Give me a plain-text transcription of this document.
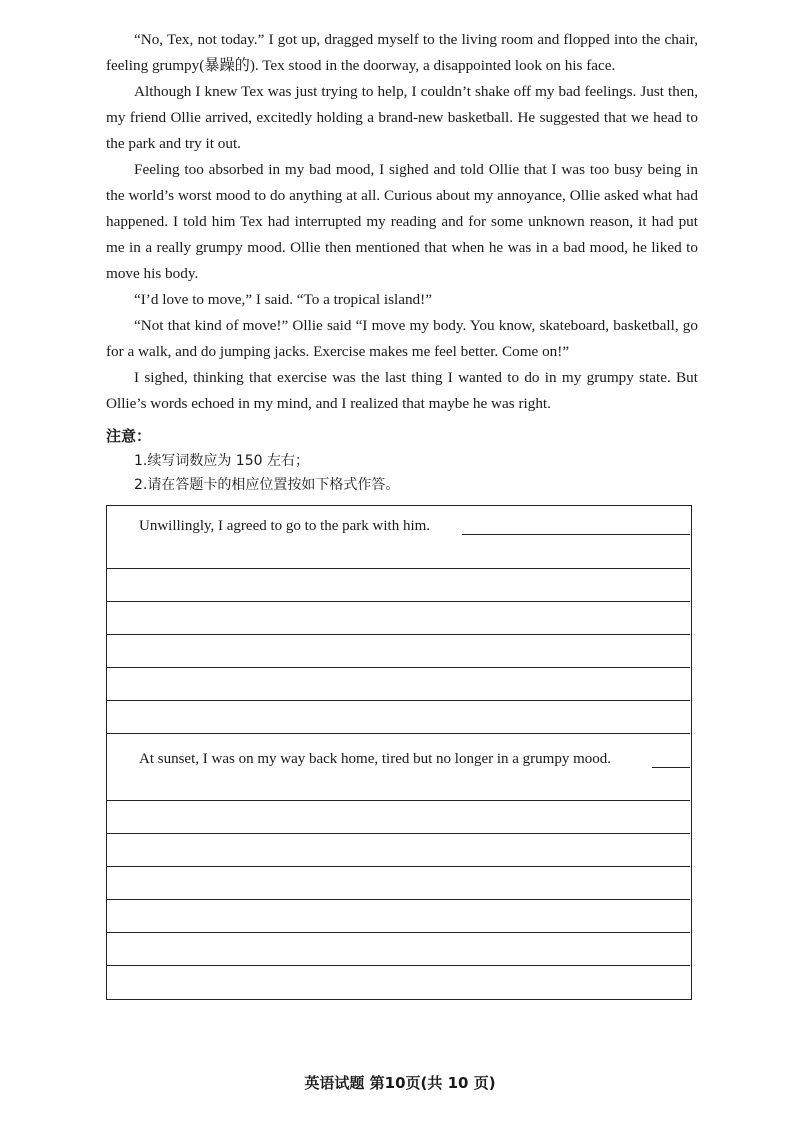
“No, Tex, not today.” I got up, dragged myself to the living room and flopped into the chair, feeling grumpy(暴躁的). Tex stood in the doorway, a disappointed look on his face.

Although I knew Tex was just trying to help, I couldn’t shake off my bad feelings. Just then, my friend Ollie arrived, excitedly holding a brand-new basketball. He suggested that we head to the park and try it out.

Feeling too absorbed in my bad mood, I sighed and told Ollie that I was too busy being in the world’s worst mood to do anything at all. Curious about my annoyance, Ollie asked what had happened. I told him Tex had interrupted my reading and for some unknown reason, it had put me in a really grumpy mood. Ollie then mentioned that when he was in a bad mood, he liked to move his body.

“I’d love to move,” I said. “To a tropical island!”

“Not that kind of move!” Ollie said “I move my body. You know, skateboard, basketball, go for a walk, and do jumping jacks. Exercise makes me feel better. Come on!”

I sighed, thinking that exercise was the last thing I wanted to do in my grumpy state. But Ollie’s words echoed in my mind, and I realized that maybe he was right.

注意：

1.续写词数应为 150 左右；

2.请在答题卡的相应位置按如下格式作答。

Unwillingly, I agreed to go to the park with him.

At sunset, I was on my way back home, tired but no longer in a grumpy mood.

英语试题 第10页(共 10 页)
